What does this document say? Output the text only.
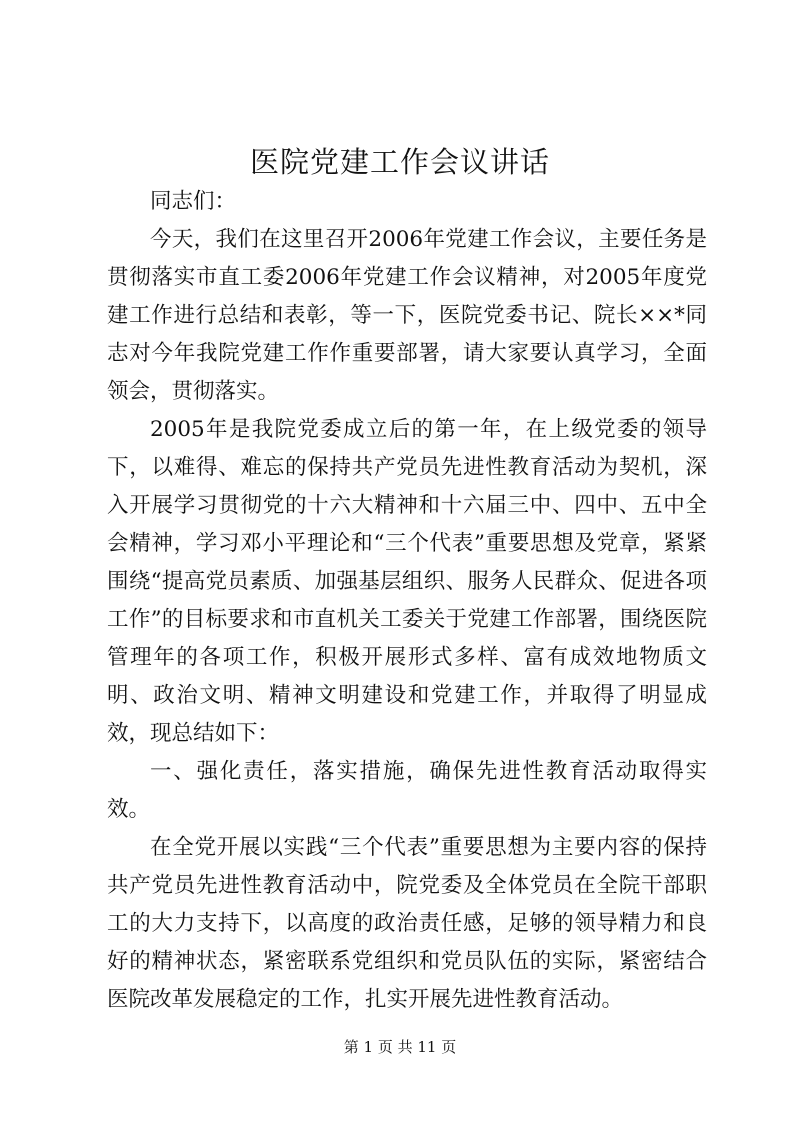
医院党建工作会议讲话

同志们：

今天，我们在这里召开2006年党建工作会议，主要任务是贯彻落实市直工委2006年党建工作会议精神，对2005年度党建工作进行总结和表彰，等一下，医院党委书记、院长××*同志对今年我院党建工作作重要部署，请大家要认真学习，全面领会，贯彻落实。

2005年是我院党委成立后的第一年，在上级党委的领导下，以难得、难忘的保持共产党员先进性教育活动为契机，深入开展学习贯彻党的十六大精神和十六届三中、四中、五中全会精神，学习邓小平理论和“三个代表”重要思想及党章，紧紧围绕“提高党员素质、加强基层组织、服务人民群众、促进各项工作”的目标要求和市直机关工委关于党建工作部署，围绕医院管理年的各项工作，积极开展形式多样、富有成效地物质文明、政治文明、精神文明建设和党建工作，并取得了明显成效，现总结如下：

一、强化责任，落实措施，确保先进性教育活动取得实效。

在全党开展以实践“三个代表”重要思想为主要内容的保持共产党员先进性教育活动中，院党委及全体党员在全院干部职工的大力支持下，以高度的政治责任感，足够的领导精力和良好的精神状态，紧密联系党组织和党员队伍的实际，紧密结合医院改革发展稳定的工作，扎实开展先进性教育活动。

第 1 页 共 11 页
